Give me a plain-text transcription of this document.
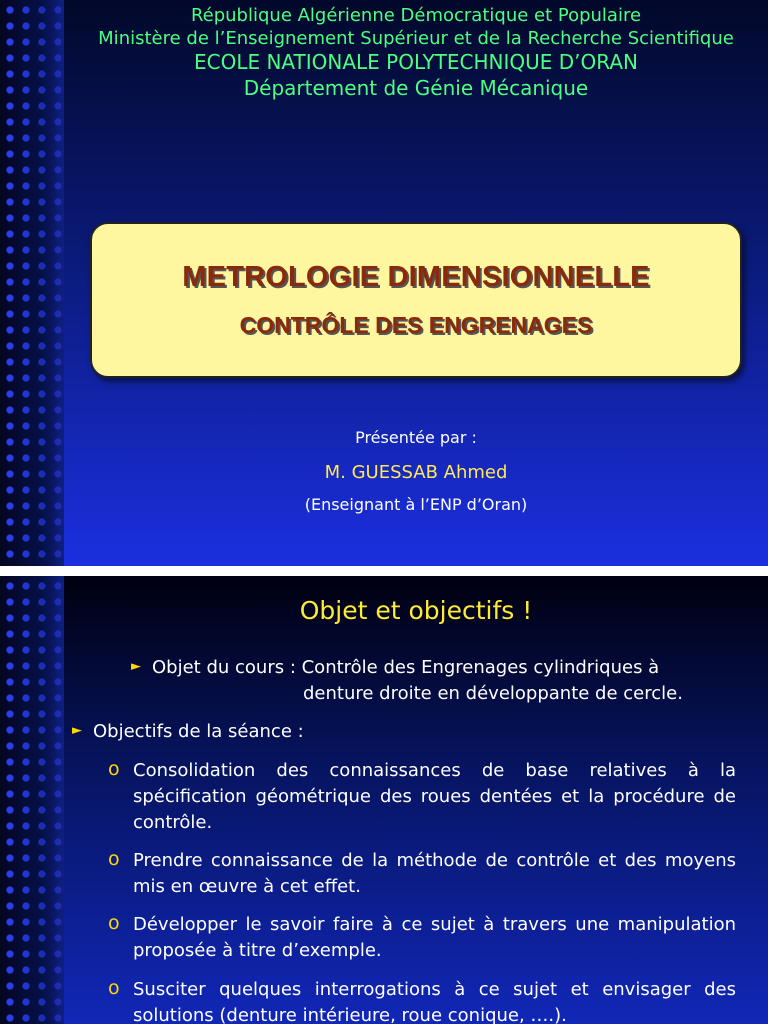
République Algérienne Démocratique et Populaire
Ministère de l’Enseignement Supérieur et de la Recherche Scientifique
ECOLE NATIONALE POLYTECHNIQUE D’ORAN
Département de Génie Mécanique
METROLOGIE DIMENSIONNELLE
CONTRÔLE DES ENGRENAGES
Présentée par :
M. GUESSAB Ahmed
(Enseignant à l’ENP d’Oran)
Objet et objectifs !
► Objet du cours : Contrôle des Engrenages cylindriques à
denture droite en développante de cercle.
► Objectifs de la séance :
o Consolidation des connaissances de base relatives à la spécification géométrique des roues dentées et la procédure de contrôle.
o Prendre connaissance de la méthode de contrôle et des moyens mis en œuvre à cet effet.
o Développer le savoir faire à ce sujet à travers une manipulation proposée à titre d’exemple.
o Susciter quelques interrogations à ce sujet et envisager des solutions (denture intérieure, roue conique, ….).
